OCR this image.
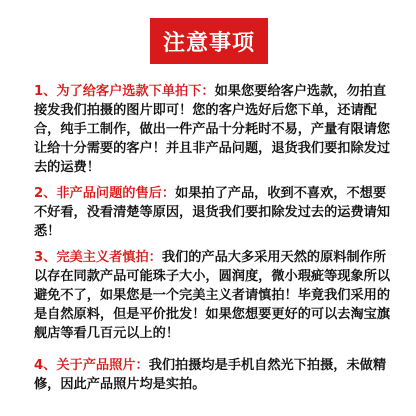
注意事项
1、为了给客户选款下单拍下：如果您要给客户选款，勿拍直接发我们拍摄的图片即可！您的客户选好后您下单，还请配合，纯手工制作，做出一件产品十分耗时不易，产量有限请您让给十分需要的客户！并且非产品问题，退货我们要扣除发过去的运费！
2、非产品问题的售后：如果拍了产品，收到不喜欢，不想要不好看，没看清楚等原因，退货我们要扣除发过去的运费请知悉！
3、完美主义者慎拍：我们的产品大多采用天然的原料制作所以存在同款产品可能珠子大小，圆润度，微小瑕疵等现象所以避免不了，如果您是一个完美主义者请慎拍！毕竟我们采用的是自然原料，但是平价批发！如果您想要更好的可以去淘宝旗舰店等看几百元以上的！
4、关于产品照片：我们拍摄均是手机自然光下拍摄，未做精修，因此产品照片均是实拍。
